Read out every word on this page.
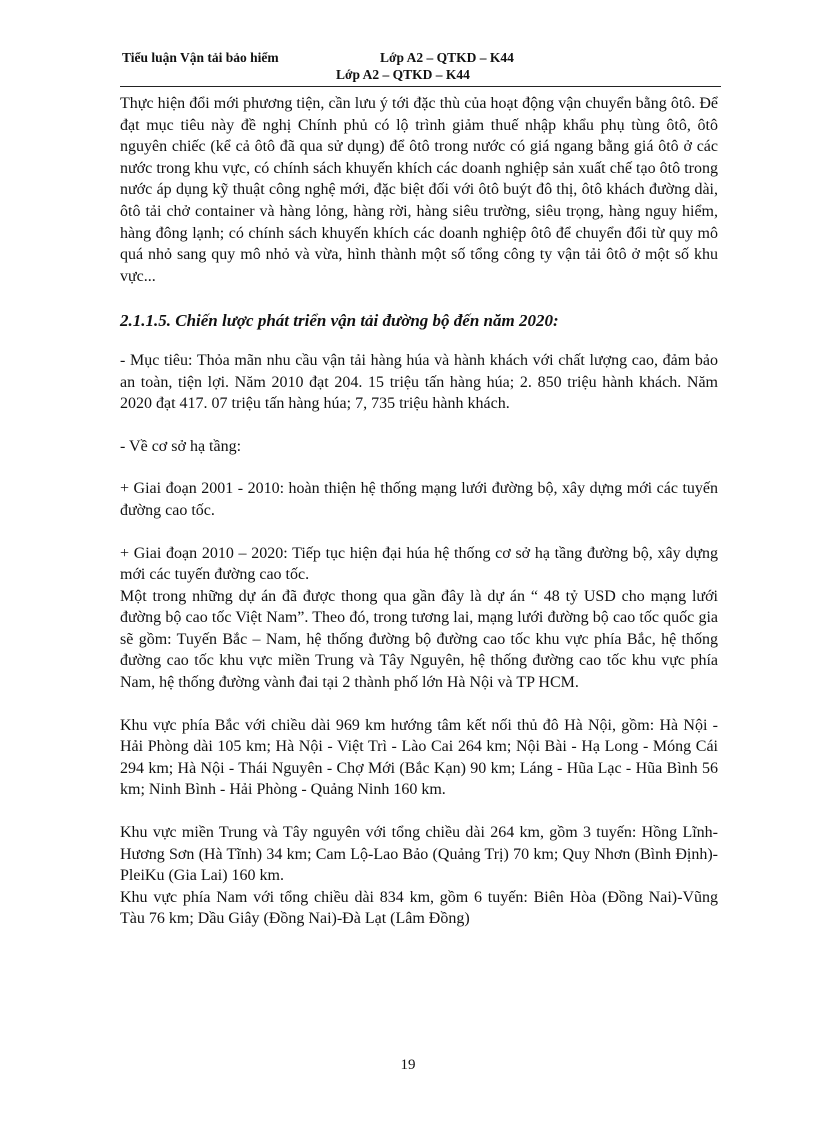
Tiểu luận Vận tải bảo hiểm	Lớp A2 – QTKD – K44
Lớp A2 – QTKD – K44

Thực hiện đổi mới phương tiện, cần lưu ý tới đặc thù của hoạt động vận chuyển bằng ôtô. Để đạt mục tiêu này đề nghị Chính phủ có lộ trình giảm thuế nhập khẩu phụ tùng ôtô, ôtô nguyên chiếc (kể cả ôtô đã qua sử dụng) để ôtô trong nước có giá ngang bằng giá ôtô ở các nước trong khu vực, có chính sách khuyến khích các doanh nghiệp sản xuất chế tạo ôtô trong nước áp dụng kỹ thuật công nghệ mới, đặc biệt đối với ôtô buýt đô thị, ôtô khách đường dài, ôtô tải chở container và hàng lỏng, hàng rời, hàng siêu trường, siêu trọng, hàng nguy hiểm, hàng đông lạnh; có chính sách khuyến khích các doanh nghiệp ôtô để chuyển đổi từ quy mô quá nhỏ sang quy mô nhỏ và vừa, hình thành một số tổng công ty vận tải ôtô ở một số khu vực...

2.1.1.5. Chiến lược phát triển vận tải đường bộ đến năm 2020:

- Mục tiêu: Thỏa mãn nhu cầu vận tải hàng húa và hành khách với chất lượng cao, đảm bảo an toàn, tiện lợi. Năm 2010 đạt 204. 15 triệu tấn hàng húa; 2. 850 triệu hành khách. Năm 2020 đạt 417. 07 triệu tấn hàng húa; 7, 735 triệu hành khách.

- Về cơ sở hạ tầng:

+ Giai đoạn 2001 - 2010: hoàn thiện hệ thống mạng lưới đường bộ, xây dựng mới các tuyến đường cao tốc.

+ Giai đoạn 2010 – 2020: Tiếp tục hiện đại húa hệ thống cơ sở hạ tầng đường bộ, xây dựng mới các tuyến đường cao tốc.

Một trong những dự án đã được thong qua gần đây là dự án “ 48 tỷ USD cho mạng lưới đường bộ cao tốc Việt Nam”. Theo đó, trong tương lai, mạng lưới đường bộ cao tốc quốc gia sẽ gồm: Tuyến Bắc – Nam, hệ thống đường bộ đường cao tốc khu vực phía Bắc, hệ thống đường cao tốc khu vực miền Trung và Tây Nguyên, hệ thống đường cao tốc khu vực phía Nam, hệ thống đường vành đai tại 2 thành phố lớn Hà Nội và TP HCM.

Khu vực phía Bắc với chiều dài 969 km hướng tâm kết nối thủ đô Hà Nội, gồm: Hà Nội - Hải Phòng dài 105 km; Hà Nội - Việt Trì - Lào Cai 264 km; Nội Bài - Hạ Long - Móng Cái 294 km; Hà Nội - Thái Nguyên - Chợ Mới (Bắc Kạn) 90 km; Láng - Hũa Lạc - Hũa Bình 56 km; Ninh Bình - Hải Phòng - Quảng Ninh 160 km.

Khu vực miền Trung và Tây nguyên với tổng chiều dài 264 km, gồm 3 tuyến: Hồng Lĩnh-Hương Sơn (Hà Tĩnh) 34 km; Cam Lộ-Lao Bảo (Quảng Trị) 70 km; Quy Nhơn (Bình Định)-PleiKu (Gia Lai) 160 km.

Khu vực phía Nam với tổng chiều dài 834 km, gồm 6 tuyến: Biên Hòa (Đồng Nai)-Vũng Tàu 76 km; Dầu Giây (Đồng Nai)-Đà Lạt (Lâm Đồng)

19
